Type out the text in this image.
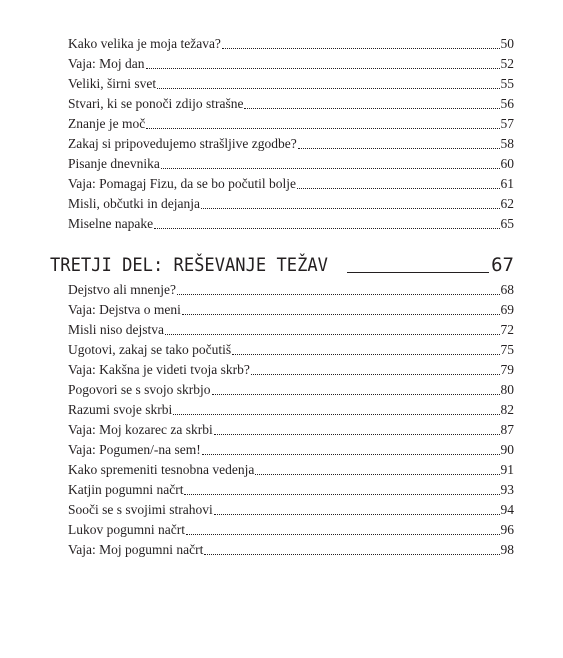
Kako velika je moja težava?	50
Vaja: Moj dan	52
Veliki, širni svet	55
Stvari, ki se ponoči zdijo strašne	56
Znanje je moč	57
Zakaj si pripovedujemo strašljive zgodbe?	58
Pisanje dnevnika	60
Vaja: Pomagaj Fizu, da se bo počutil bolje	61
Misli, občutki in dejanja	62
Miselne napake	65
TRETJI DEL: REŠEVANJE TEŽAV	67
Dejstvo ali mnenje?	68
Vaja: Dejstva o meni	69
Misli niso dejstva	72
Ugotovi, zakaj se tako počutiš	75
Vaja: Kakšna je videti tvoja skrb?	79
Pogovori se s svojo skrbjo	80
Razumi svoje skrbi	82
Vaja: Moj kozarec za skrbi	87
Vaja: Pogumen/-na sem!	90
Kako spremeniti tesnobna vedenja	91
Katjin pogumni načrt	93
Sooči se s svojimi strahovi	94
Lukov pogumni načrt	96
Vaja: Moj pogumni načrt	98
